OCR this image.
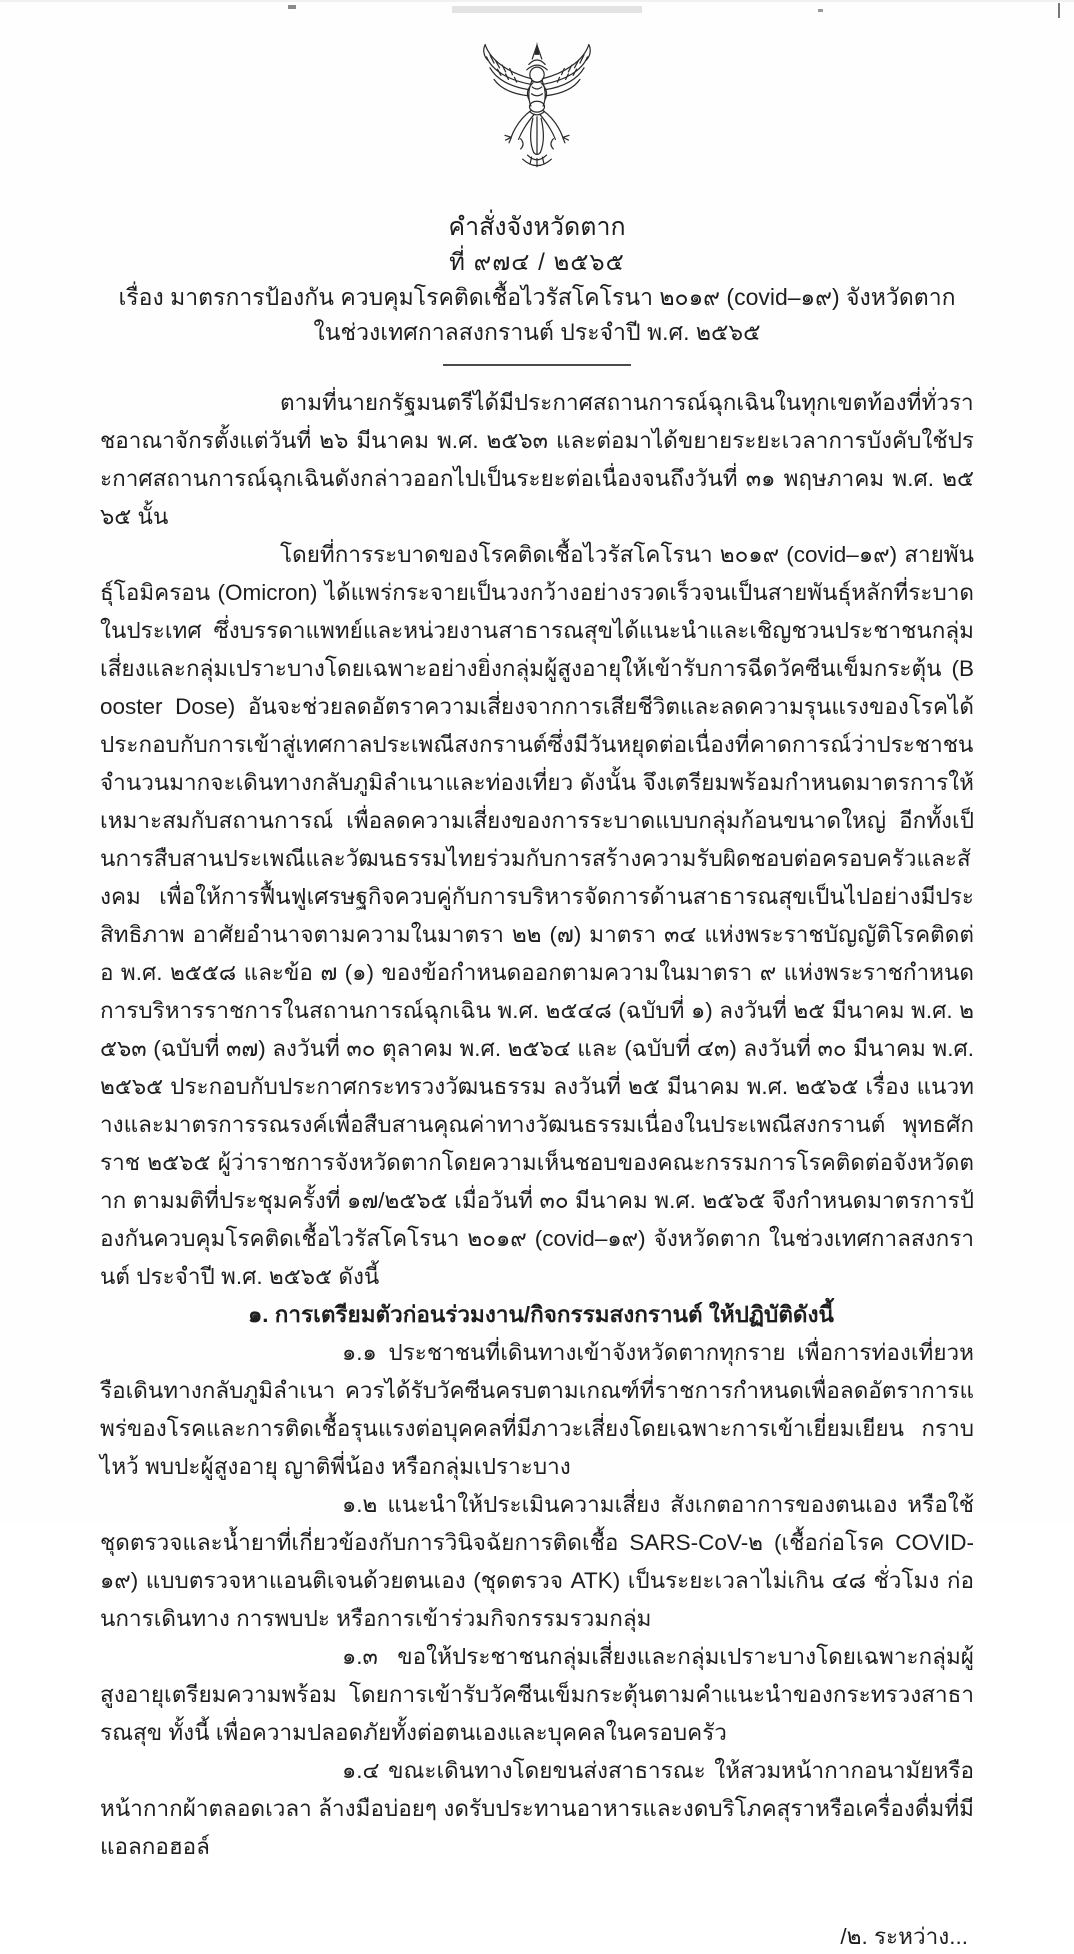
คำสั่งจังหวัดตาก
ที่ ๙๗๔ / ๒๕๖๕
เรื่อง มาตรการป้องกัน ควบคุมโรคติดเชื้อไวรัสโคโรนา ๒๐๑๙ (covid–๑๙) จังหวัดตาก
ในช่วงเทศกาลสงกรานต์ ประจำปี พ.ศ. ๒๕๖๕

ตามที่นายกรัฐมนตรีได้มีประกาศสถานการณ์ฉุกเฉินในทุกเขตท้องที่ทั่วราชอาณาจักรตั้งแต่วันที่ ๒๖ มีนาคม พ.ศ. ๒๕๖๓ และต่อมาได้ขยายระยะเวลาการบังคับใช้ประกาศสถานการณ์ฉุกเฉินดังกล่าวออกไปเป็นระยะต่อเนื่องจนถึงวันที่ ๓๑ พฤษภาคม พ.ศ. ๒๕๖๕ นั้น

โดยที่การระบาดของโรคติดเชื้อไวรัสโคโรนา ๒๐๑๙ (covid–๑๙) สายพันธุ์โอมิครอน (Omicron) ได้แพร่กระจายเป็นวงกว้างอย่างรวดเร็วจนเป็นสายพันธุ์หลักที่ระบาดในประเทศ ซึ่งบรรดาแพทย์และหน่วยงานสาธารณสุขได้แนะนำและเชิญชวนประชาชนกลุ่มเสี่ยงและกลุ่มเปราะบางโดยเฉพาะอย่างยิ่งกลุ่มผู้สูงอายุให้เข้ารับการฉีดวัคซีนเข็มกระตุ้น (Booster Dose) อันจะช่วยลดอัตราความเสี่ยงจากการเสียชีวิตและลดความรุนแรงของโรคได้ ประกอบกับการเข้าสู่เทศกาลประเพณีสงกรานต์ซึ่งมีวันหยุดต่อเนื่องที่คาดการณ์ว่าประชาชนจำนวนมากจะเดินทางกลับภูมิลำเนาและท่องเที่ยว ดังนั้น จึงเตรียมพร้อมกำหนดมาตรการให้เหมาะสมกับสถานการณ์ เพื่อลดความเสี่ยงของการระบาดแบบกลุ่มก้อนขนาดใหญ่ อีกทั้งเป็นการสืบสานประเพณีและวัฒนธรรมไทยร่วมกับการสร้างความรับผิดชอบต่อครอบครัวและสังคม เพื่อให้การฟื้นฟูเศรษฐกิจควบคู่กับการบริหารจัดการด้านสาธารณสุขเป็นไปอย่างมีประสิทธิภาพ อาศัยอำนาจตามความในมาตรา ๒๒ (๗) มาตรา ๓๔ แห่งพระราชบัญญัติโรคติดต่อ พ.ศ. ๒๕๕๘ และข้อ ๗ (๑) ของข้อกำหนดออกตามความในมาตรา ๙ แห่งพระราชกำหนดการบริหารราชการในสถานการณ์ฉุกเฉิน พ.ศ. ๒๕๔๘ (ฉบับที่ ๑) ลงวันที่ ๒๕ มีนาคม พ.ศ. ๒๕๖๓ (ฉบับที่ ๓๗) ลงวันที่ ๓๐ ตุลาคม พ.ศ. ๒๕๖๔ และ (ฉบับที่ ๔๓) ลงวันที่ ๓๐ มีนาคม พ.ศ. ๒๕๖๕ ประกอบกับประกาศกระทรวงวัฒนธรรม ลงวันที่ ๒๕ มีนาคม พ.ศ. ๒๕๖๕ เรื่อง แนวทางและมาตรการรณรงค์เพื่อสืบสานคุณค่าทางวัฒนธรรมเนื่องในประเพณีสงกรานต์ พุทธศักราช ๒๕๖๕ ผู้ว่าราชการจังหวัดตากโดยความเห็นชอบของคณะกรรมการโรคติดต่อจังหวัดตาก ตามมติที่ประชุมครั้งที่ ๑๗/๒๕๖๕ เมื่อวันที่ ๓๐ มีนาคม พ.ศ. ๒๕๖๕ จึงกำหนดมาตรการป้องกันควบคุมโรคติดเชื้อไวรัสโคโรนา ๒๐๑๙ (covid–๑๙) จังหวัดตาก ในช่วงเทศกาลสงกรานต์ ประจำปี พ.ศ. ๒๕๖๕ ดังนี้

๑. การเตรียมตัวก่อนร่วมงาน/กิจกรรมสงกรานต์ ให้ปฏิบัติดังนี้

๑.๑ ประชาชนที่เดินทางเข้าจังหวัดตากทุกราย เพื่อการท่องเที่ยวหรือเดินทางกลับภูมิลำเนา ควรได้รับวัคซีนครบตามเกณฑ์ที่ราชการกำหนดเพื่อลดอัตราการแพร่ของโรคและการติดเชื้อรุนแรงต่อบุคคลที่มีภาวะเสี่ยงโดยเฉพาะการเข้าเยี่ยมเยียน กราบไหว้ พบปะผู้สูงอายุ ญาติพี่น้อง หรือกลุ่มเปราะบาง

๑.๒ แนะนำให้ประเมินความเสี่ยง สังเกตอาการของตนเอง หรือใช้ชุดตรวจและน้ำยาที่เกี่ยวข้องกับการวินิจฉัยการติดเชื้อ SARS-CoV-๒ (เชื้อก่อโรค COVID-๑๙) แบบตรวจหาแอนติเจนด้วยตนเอง (ชุดตรวจ ATK) เป็นระยะเวลาไม่เกิน ๔๘ ชั่วโมง ก่อนการเดินทาง การพบปะ หรือการเข้าร่วมกิจกรรมรวมกลุ่ม

๑.๓ ขอให้ประชาชนกลุ่มเสี่ยงและกลุ่มเปราะบางโดยเฉพาะกลุ่มผู้สูงอายุเตรียมความพร้อม โดยการเข้ารับวัคซีนเข็มกระตุ้นตามคำแนะนำของกระทรวงสาธารณสุข ทั้งนี้ เพื่อความปลอดภัยทั้งต่อตนเองและบุคคลในครอบครัว

๑.๔ ขณะเดินทางโดยขนส่งสาธารณะ ให้สวมหน้ากากอนามัยหรือหน้ากากผ้าตลอดเวลา ล้างมือบ่อยๆ งดรับประทานอาหารและงดบริโภคสุราหรือเครื่องดื่มที่มีแอลกอฮอล์

/๒. ระหว่าง...
